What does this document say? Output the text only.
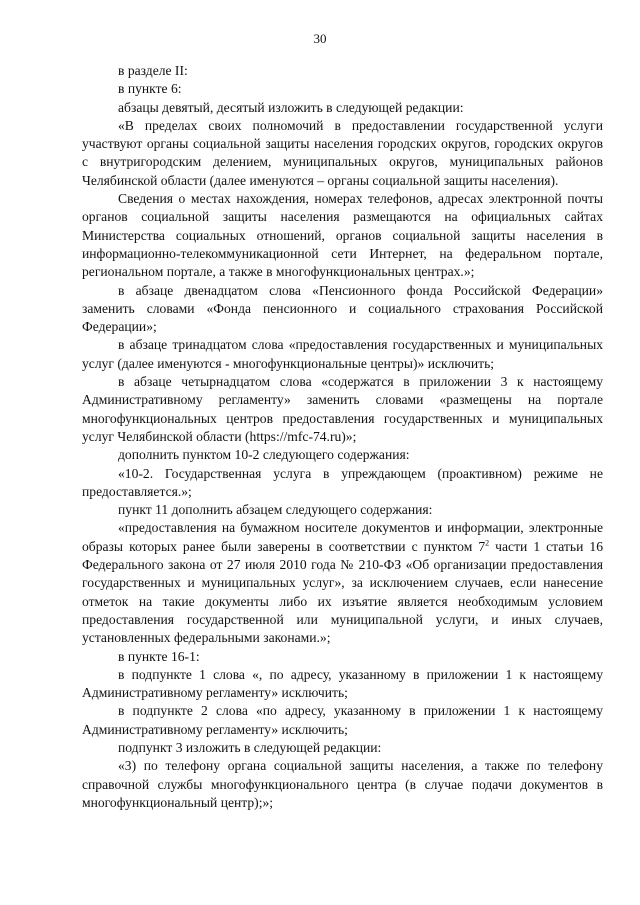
30

в разделе II:

в пункте 6:

абзацы девятый, десятый изложить в следующей редакции:

«В пределах своих полномочий в предоставлении государственной услуги участвуют органы социальной защиты населения городских округов, городских округов с внутригородским делением, муниципальных округов, муниципальных районов Челябинской области (далее именуются – органы социальной защиты населения).

Сведения о местах нахождения, номерах телефонов, адресах электронной почты органов социальной защиты населения размещаются на официальных сайтах Министерства социальных отношений, органов социальной защиты населения в информационно-телекоммуникационной сети Интернет, на федеральном портале, региональном портале, а также в многофункциональных центрах.»;

в абзаце двенадцатом слова «Пенсионного фонда Российской Федерации» заменить словами «Фонда пенсионного и социального страхования Российской Федерации»;

в абзаце тринадцатом слова «предоставления государственных и муниципальных услуг (далее именуются - многофункциональные центры)» исключить;

в абзаце четырнадцатом слова «содержатся в приложении 3 к настоящему Административному регламенту» заменить словами «размещены на портале многофункциональных центров предоставления государственных и муниципальных услуг Челябинской области (https://mfc-74.ru)»;

дополнить пунктом 10-2 следующего содержания:

«10-2. Государственная услуга в упреждающем (проактивном) режиме не предоставляется.»;

пункт 11 дополнить абзацем следующего содержания:

«предоставления на бумажном носителе документов и информации, электронные образы которых ранее были заверены в соответствии с пунктом $7^2$ части 1 статьи 16 Федерального закона от 27 июля 2010 года № 210-ФЗ «Об организации предоставления государственных и муниципальных услуг», за исключением случаев, если нанесение отметок на такие документы либо их изъятие является необходимым условием предоставления государственной или муниципальной услуги, и иных случаев, установленных федеральными законами.»;

в пункте 16-1:

в подпункте 1 слова «, по адресу, указанному в приложении 1 к настоящему Административному регламенту» исключить;

в подпункте 2 слова «по адресу, указанному в приложении 1 к настоящему Административному регламенту» исключить;

подпункт 3 изложить в следующей редакции:

«3) по телефону органа социальной защиты населения, а также по телефону справочной службы многофункционального центра (в случае подачи документов в многофункциональный центр);»;
